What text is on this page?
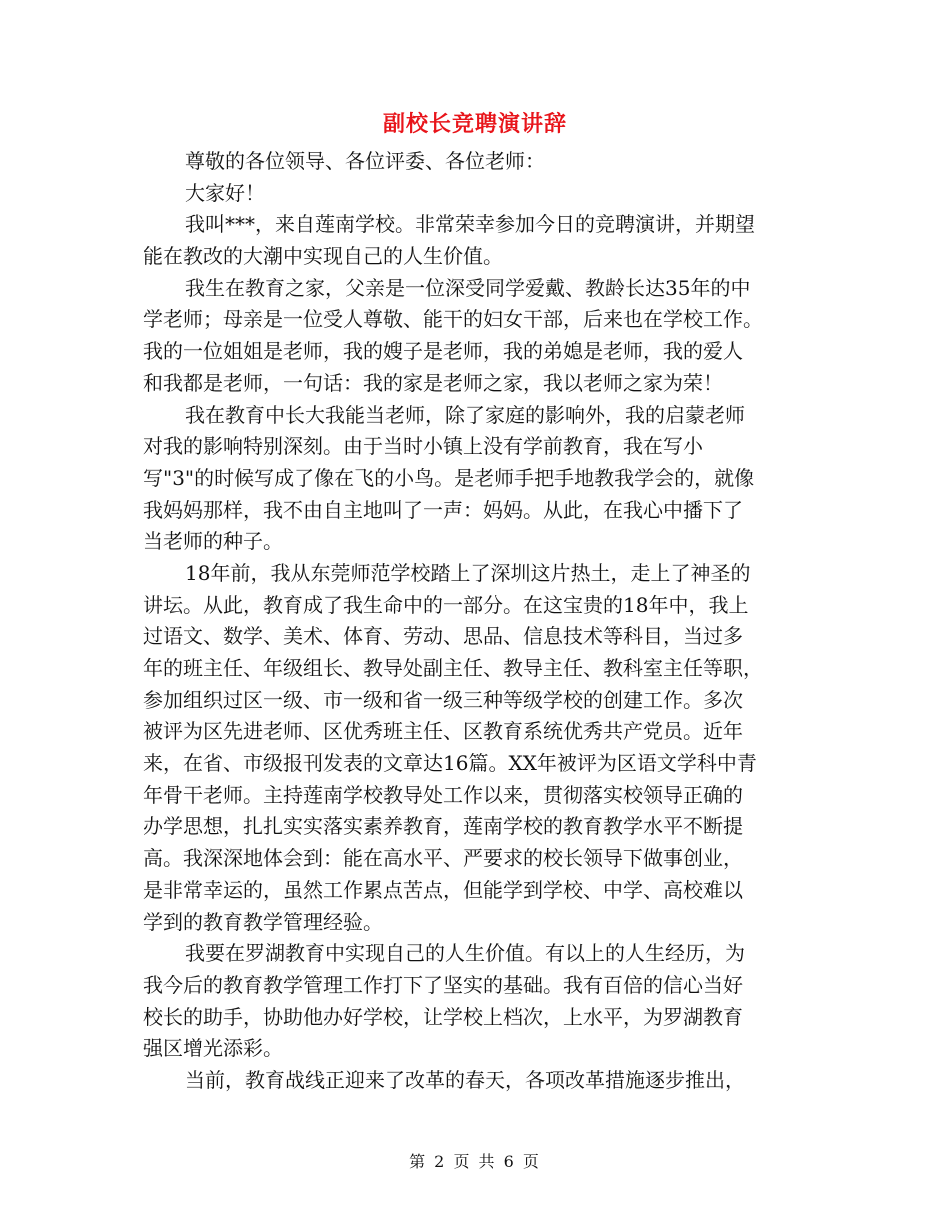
副校长竞聘演讲辞
尊敬的各位领导、各位评委、各位老师：
大家好！
我叫***，来自莲南学校。非常荣幸参加今日的竞聘演讲，并期望
能在教改的大潮中实现自己的人生价值。
我生在教育之家，父亲是一位深受同学爱戴、教龄长达35年的中
学老师；母亲是一位受人尊敬、能干的妇女干部，后来也在学校工作。
我的一位姐姐是老师，我的嫂子是老师，我的弟媳是老师，我的爱人
和我都是老师，一句话：我的家是老师之家，我以老师之家为荣！
我在教育中长大我能当老师，除了家庭的影响外，我的启蒙老师
对我的影响特别深刻。由于当时小镇上没有学前教育，我在写小
写"3"的时候写成了像在飞的小鸟。是老师手把手地教我学会的，就像
我妈妈那样，我不由自主地叫了一声：妈妈。从此，在我心中播下了
当老师的种子。
18年前，我从东莞师范学校踏上了深圳这片热土，走上了神圣的
讲坛。从此，教育成了我生命中的一部分。在这宝贵的18年中，我上
过语文、数学、美术、体育、劳动、思品、信息技术等科目，当过多
年的班主任、年级组长、教导处副主任、教导主任、教科室主任等职，
参加组织过区一级、市一级和省一级三种等级学校的创建工作。多次
被评为区先进老师、区优秀班主任、区教育系统优秀共产党员。近年
来，在省、市级报刊发表的文章达16篇。XX年被评为区语文学科中青
年骨干老师。主持莲南学校教导处工作以来，贯彻落实校领导正确的
办学思想，扎扎实实落实素养教育，莲南学校的教育教学水平不断提
高。我深深地体会到：能在高水平、严要求的校长领导下做事创业，
是非常幸运的，虽然工作累点苦点，但能学到学校、中学、高校难以
学到的教育教学管理经验。
我要在罗湖教育中实现自己的人生价值。有以上的人生经历，为
我今后的教育教学管理工作打下了坚实的基础。我有百倍的信心当好
校长的助手，协助他办好学校，让学校上档次，上水平，为罗湖教育
强区增光添彩。
当前，教育战线正迎来了改革的春天，各项改革措施逐步推出，
第 2 页 共 6 页
